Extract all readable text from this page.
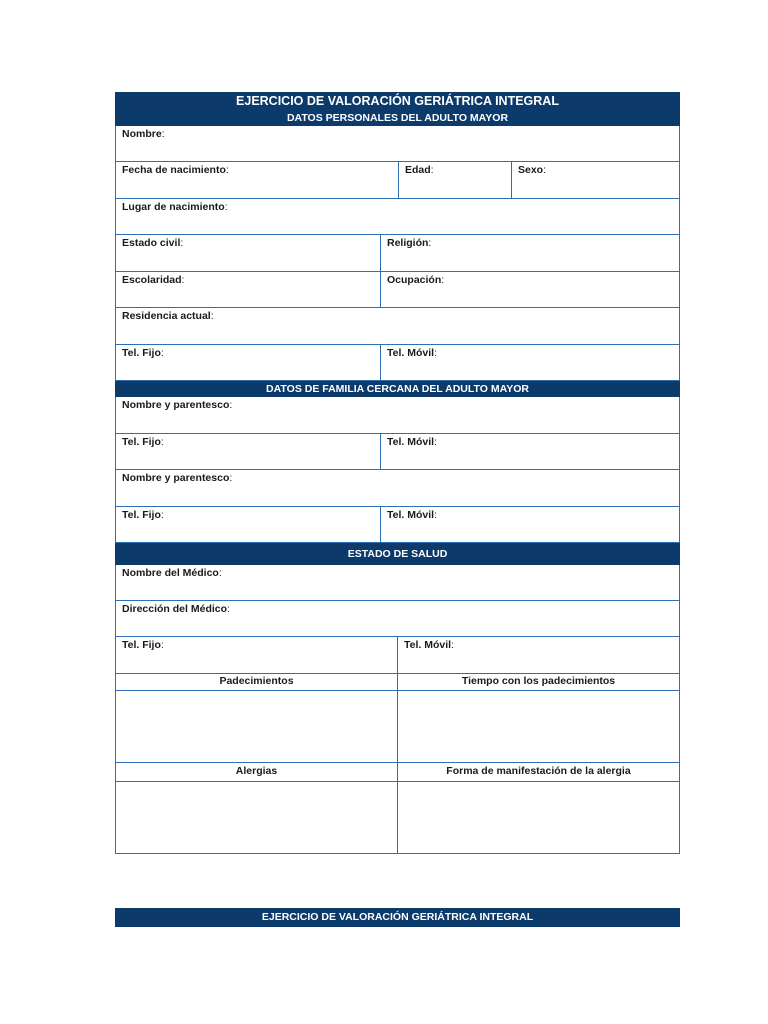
EJERCICIO DE VALORACIÓN GERIÁTRICA INTEGRAL
DATOS PERSONALES DEL ADULTO MAYOR
Nombre:
Fecha de nacimiento:	Edad:	Sexo:
Lugar de nacimiento:
Estado civil:	Religión:
Escolaridad:	Ocupación:
Residencia actual:
Tel. Fijo:	Tel. Móvil:
DATOS DE FAMILIA CERCANA DEL ADULTO MAYOR
Nombre y parentesco:
Tel. Fijo:	Tel. Móvil:
Nombre y parentesco:
Tel. Fijo:	Tel. Móvil:
ESTADO DE SALUD
Nombre del Médico:
Dirección del Médico:
Tel. Fijo:	Tel. Móvil:
Padecimientos	Tiempo con los padecimientos
Alergias	Forma de manifestación de la alergia
EJERCICIO DE VALORACIÓN GERIÁTRICA INTEGRAL
